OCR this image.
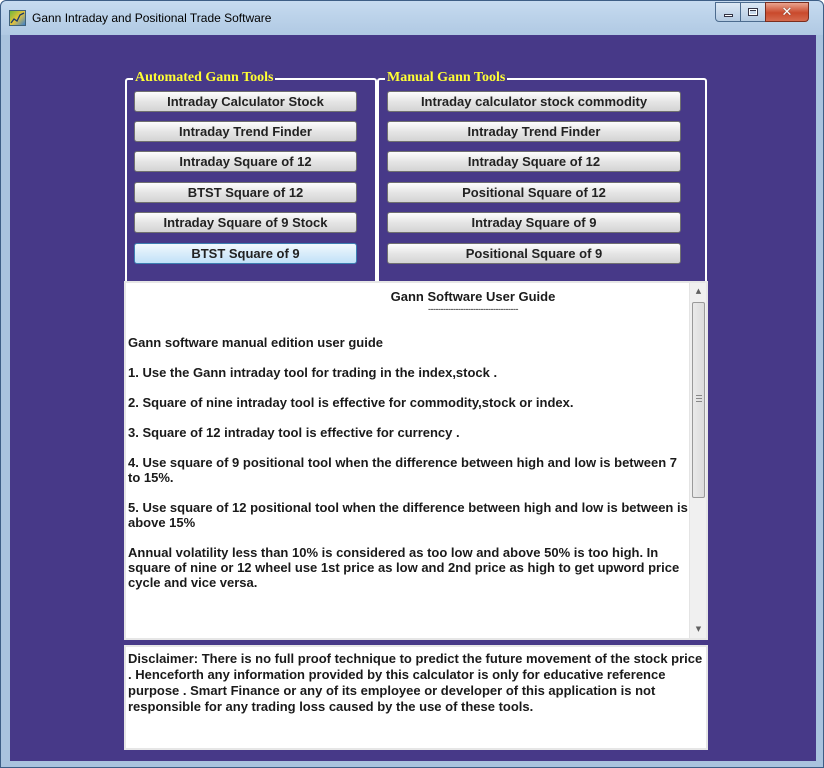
Gann Intraday and Positional Trade Software	✕
Automated Gann Tools
Intraday Calculator Stock
Intraday Trend Finder
Intraday Square of 12
BTST Square of 12
Intraday Square of 9 Stock
BTST Square of 9
Manual Gann Tools
Intraday calculator stock commodity
Intraday Trend Finder
Intraday Square of 12
Positional Square of 12
Intraday Square of 9
Positional Square of 9
Gann Software User Guide
------------------------------------

Gann software manual edition user guide

1. Use the Gann intraday tool for trading in the index,stock .

2. Square of nine intraday tool is effective for commodity,stock or index.

3. Square of 12 intraday tool is effective for currency .

4. Use square of 9 positional tool when the difference between high and low is between 7 to 15%.

5. Use square of 12 positional tool when the difference between high and low is between is above 15%

Annual volatility less than 10% is considered as too low and above 50% is too high. In square of nine or 12 wheel use 1st price as low and 2nd price as high to get upword price cycle and vice versa.

▲
▼
Disclaimer: There is no full proof technique to predict the future movement of the stock price . Henceforth any information provided by this calculator is only for educative reference purpose . Smart Finance or any of its employee or developer of this application is not responsible for any trading loss caused by the use of these tools.
